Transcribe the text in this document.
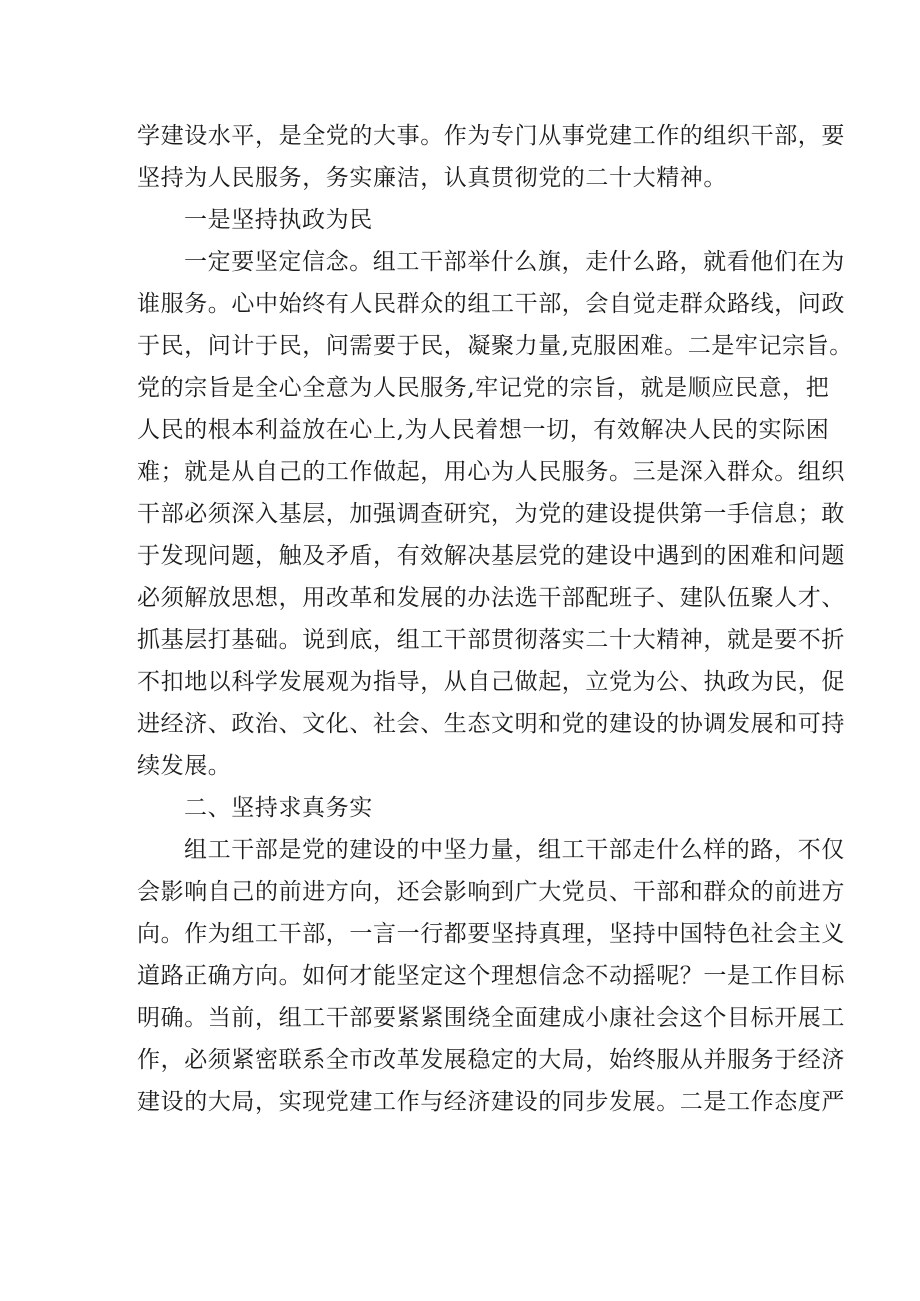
学建设水平，是全党的大事。作为专门从事党建工作的组织干部，要
坚持为人民服务，务实廉洁，认真贯彻党的二十大精神。
一是坚持执政为民
一定要坚定信念。组工干部举什么旗，走什么路，就看他们在为
谁服务。心中始终有人民群众的组工干部，会自觉走群众路线，问政
于民，问计于民，问需要于民，凝聚力量,克服困难。二是牢记宗旨。
党的宗旨是全心全意为人民服务,牢记党的宗旨，就是顺应民意，把
人民的根本利益放在心上,为人民着想一切，有效解决人民的实际困
难；就是从自己的工作做起，用心为人民服务。三是深入群众。组织
干部必须深入基层，加强调查研究，为党的建设提供第一手信息；敢
于发现问题，触及矛盾，有效解决基层党的建设中遇到的困难和问题
必须解放思想，用改革和发展的办法选干部配班子、建队伍聚人才、
抓基层打基础。说到底，组工干部贯彻落实二十大精神，就是要不折
不扣地以科学发展观为指导，从自己做起，立党为公、执政为民，促
进经济、政治、文化、社会、生态文明和党的建设的协调发展和可持
续发展。
二、坚持求真务实
组工干部是党的建设的中坚力量，组工干部走什么样的路，不仅
会影响自己的前进方向，还会影响到广大党员、干部和群众的前进方
向。作为组工干部，一言一行都要坚持真理，坚持中国特色社会主义
道路正确方向。如何才能坚定这个理想信念不动摇呢？一是工作目标
明确。当前，组工干部要紧紧围绕全面建成小康社会这个目标开展工
作，必须紧密联系全市改革发展稳定的大局，始终服从并服务于经济
建设的大局，实现党建工作与经济建设的同步发展。二是工作态度严
